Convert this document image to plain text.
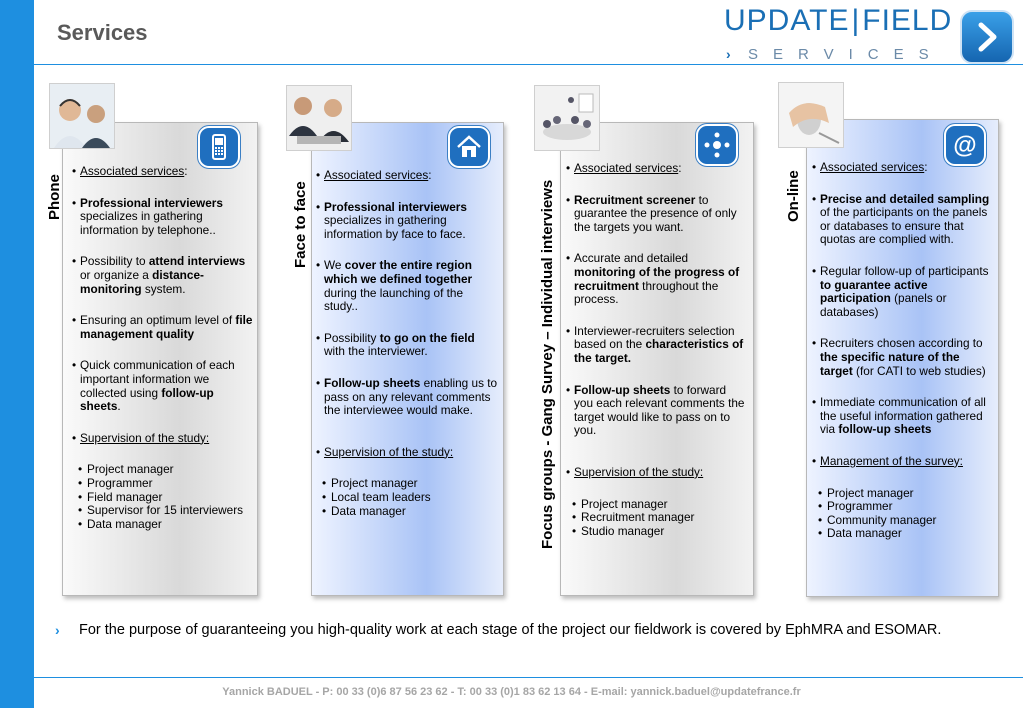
Services	UPDATE|FIELD
› SERVICES
Phone
• Associated services:
• Professional interviewers specializes in gathering information by telephone..
• Possibility to attend interviews or organize a distance-monitoring system.
• Ensuring an optimum level of file management quality
• Quick communication of each important information we collected using follow-up sheets.
• Supervision of the study:
• Project manager
• Programmer
• Field manager
• Supervisor for 15 interviewers
• Data manager
Face to face
• Associated services:
• Professional interviewers specializes in gathering information by face to face.
• We cover the entire region which we defined together during the launching of the study..
• Possibility to go on the field with the interviewer.
• Follow-up sheets enabling us to pass on any relevant comments the interviewee would make.
• Supervision of the study:
• Project manager
• Local team leaders
• Data manager	Focus groups - Gang Survey – Individual interviews
• Associated services:
• Recruitment screener to guarantee the presence of only the targets you want.
• Accurate and detailed monitoring of the progress of recruitment throughout the process.
• Interviewer-recruiters selection based on the characteristics of the target.
• Follow-up sheets to forward you each relevant comments the target would like to pass on to you.
• Supervision of the study:
• Project manager
• Recruitment manager
• Studio manager
@
On-line
• Associated services:
• Precise and detailed sampling of the participants on the panels or databases to ensure that quotas are complied with.
• Regular follow-up of participants to guarantee active participation (panels or databases)
• Recruiters chosen according to the specific nature of the target (for CATI to web studies)
• Immediate communication of all the useful information gathered via follow-up sheets
• Management of the survey:
• Project manager
• Programmer
• Community manager
• Data manager
›	For the purpose of guaranteeing you high-quality work at each stage of the project our fieldwork is covered by EphMRA and ESOMAR.
Yannick BADUEL - P: 00 33 (0)6 87 56 23 62 - T: 00 33 (0)1 83 62 13 64 - E-mail: yannick.baduel@updatefrance.fr
